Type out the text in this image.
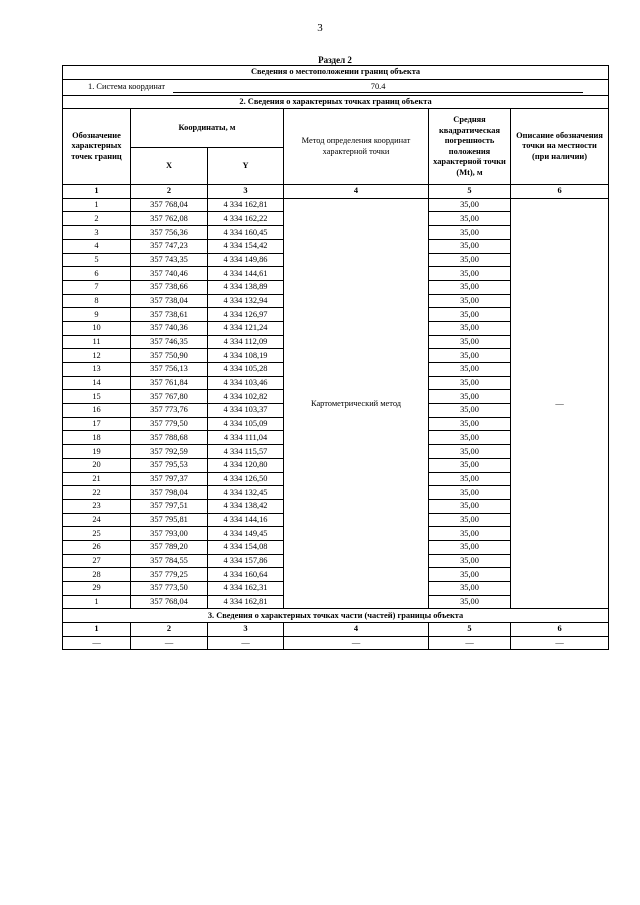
3
Раздел 2
Сведения о местоположении границ объекта					
1. Система координат 70.4					
2. Сведения о характерных точках границ объекта					
Обозначение характерных точек границ	Координаты, м		Метод определения координат характерной точки	Средняя квадратическая погрешность положения характерной точки (Mt), м	Описание обозначения точки на местности (при наличии)
	X	Y			
1	2	3	4	5	6
1	357 768,04	4 334 162,81	Картометрический метод	35,00	—
2	357 762,08	4 334 162,22		35,00	
3	357 756,36	4 334 160,45		35,00	
4	357 747,23	4 334 154,42		35,00	
5	357 743,35	4 334 149,86		35,00	
6	357 740,46	4 334 144,61		35,00	
7	357 738,66	4 334 138,89		35,00	
8	357 738,04	4 334 132,94		35,00	
9	357 738,61	4 334 126,97		35,00	
10	357 740,36	4 334 121,24		35,00	
11	357 746,35	4 334 112,09		35,00	
12	357 750,90	4 334 108,19		35,00	
13	357 756,13	4 334 105,28		35,00	
14	357 761,84	4 334 103,46		35,00	
15	357 767,80	4 334 102,82		35,00	
16	357 773,76	4 334 103,37		35,00	
17	357 779,50	4 334 105,09		35,00	
18	357 788,68	4 334 111,04		35,00	
19	357 792,59	4 334 115,57		35,00	
20	357 795,53	4 334 120,80		35,00	
21	357 797,37	4 334 126,50		35,00	
22	357 798,04	4 334 132,45		35,00	
23	357 797,51	4 334 138,42		35,00	
24	357 795,81	4 334 144,16		35,00	
25	357 793,00	4 334 149,45		35,00	
26	357 789,20	4 334 154,08		35,00	
27	357 784,55	4 334 157,86		35,00	
28	357 779,25	4 334 160,64		35,00	
29	357 773,50	4 334 162,31		35,00	
1	357 768,04	4 334 162,81		35,00	
3. Сведения о характерных точках части (частей) границы объекта					
1	2	3	4	5	6
—	—	—	—	—	—
